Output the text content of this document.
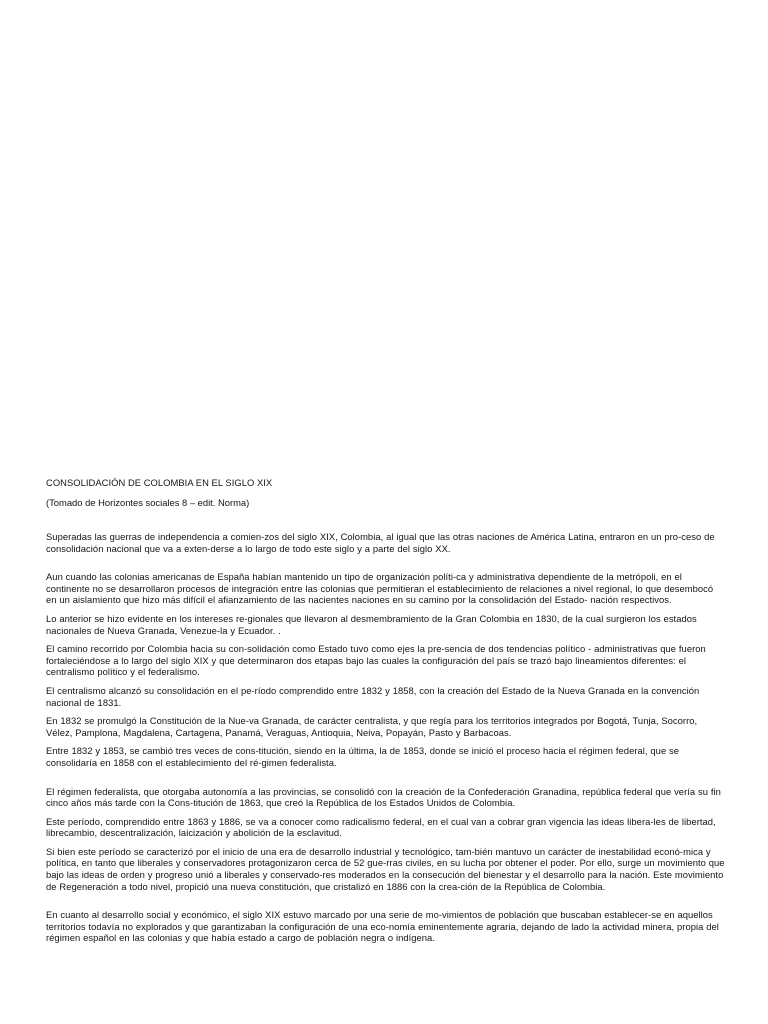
CONSOLIDACIÓN DE COLOMBIA EN EL SIGLO XIX
(Tomado de Horizontes sociales 8 – edit. Norma)

Superadas las guerras de independencia a comien-zos del siglo XIX, Colombia, al igual que las otras naciones de América Latina, entraron en un pro-ceso de consolidación nacional que va a exten-derse a lo largo de todo este siglo y a parte del siglo XX.

Aun cuando las colonias americanas de España habían mantenido un tipo de organización políti-ca y administrativa dependiente de la metrópoli, en el continente no se desarrollaron procesos de integración entre las colonias que permitieran el establecimiento de relaciones a nivel regional, lo que desembocó en un aislamiento que hizo más difícil el afianzamiento de las nacientes naciones en su camino por la consolidación del Estado- nación respectivos.

Lo anterior se hizo evidente en los intereses re-gionales que llevaron al desmembramiento de la Gran Colombia en 1830, de la cual surgieron los estados nacionales de Nueva Granada, Venezue-la y Ecuador. .

El camino recorrido por Colombia hacia su con-solidación como Estado tuvo como ejes la pre-sencia de dos tendencias político - administrativas que fueron fortaleciéndose a lo largo del siglo XIX y que determinaron dos etapas bajo las cuales la configuración del país se trazó bajo lineamientos diferentes: el centralismo político y el federalismo.

El centralismo alcanzó su consolidación en el pe-ríodo comprendido entre 1832 y 1858, con la creación del Estado de la Nueva Granada en la convención nacional de 1831.

En 1832 se promulgó la Constitución de la Nue-va Granada, de carácter centralista, y que regía para los territorios integrados por Bogotá, Tunja, Socorro, Vélez, Pamplona, Magdalena, Cartagena, Panamá, Veraguas, Antioquia, Neiva, Popayán, Pasto y Barbacoas.

Entre 1832 y 1853, se cambió tres veces de cons-titución, siendo en la última, la de 1853, donde se inició el proceso hacia el régimen federal, que se consolidaría en 1858 con el establecimiento del ré-gimen federalista.

El régimen federalista, que otorgaba autonomía a las provincias, se consolidó con la creación de la Confederación Granadina, república federal que vería su fin cinco años más tarde con la Cons-titución de 1863, que creó la República de los Estados Unidos de Colombia.

Este período, comprendido entre 1863 y 1886, se va a conocer como radicalismo federal, en el cual van a cobrar gran vigencia las ideas libera-les de libertad, librecambio, descentralización, laicización y abolición de la esclavitud.

Si bien este período se caracterizó por el inicio de una era de desarrollo industrial y tecnológico, tam-bién mantuvo un carácter de inestabilidad econó-mica y política, en tanto que liberales y conservadores protagonizaron cerca de 52 gue-rras civiles, en su lucha por obtener el poder. Por ello, surge un movimiento que bajo las ideas de orden y progreso unió a liberales y conservado-res moderados en la consecución del bienestar y el desarrollo para la nación. Este movimiento de Regeneración a todo nivel, propició una nueva constitución, que cristalizó en 1886 con la crea-ción de la República de Colombia.

En cuanto al desarrollo social y económico, el siglo XIX estuvo marcado por una serie de mo-vimientos de población que buscaban establecer-se en aquellos territorios todavía no explorados y que garantizaban la configuración de una eco-nomía eminentemente agraria, dejando de lado la actividad minera, propia del régimen español en las colonias y que había estado a cargo de población negra o indígena.
